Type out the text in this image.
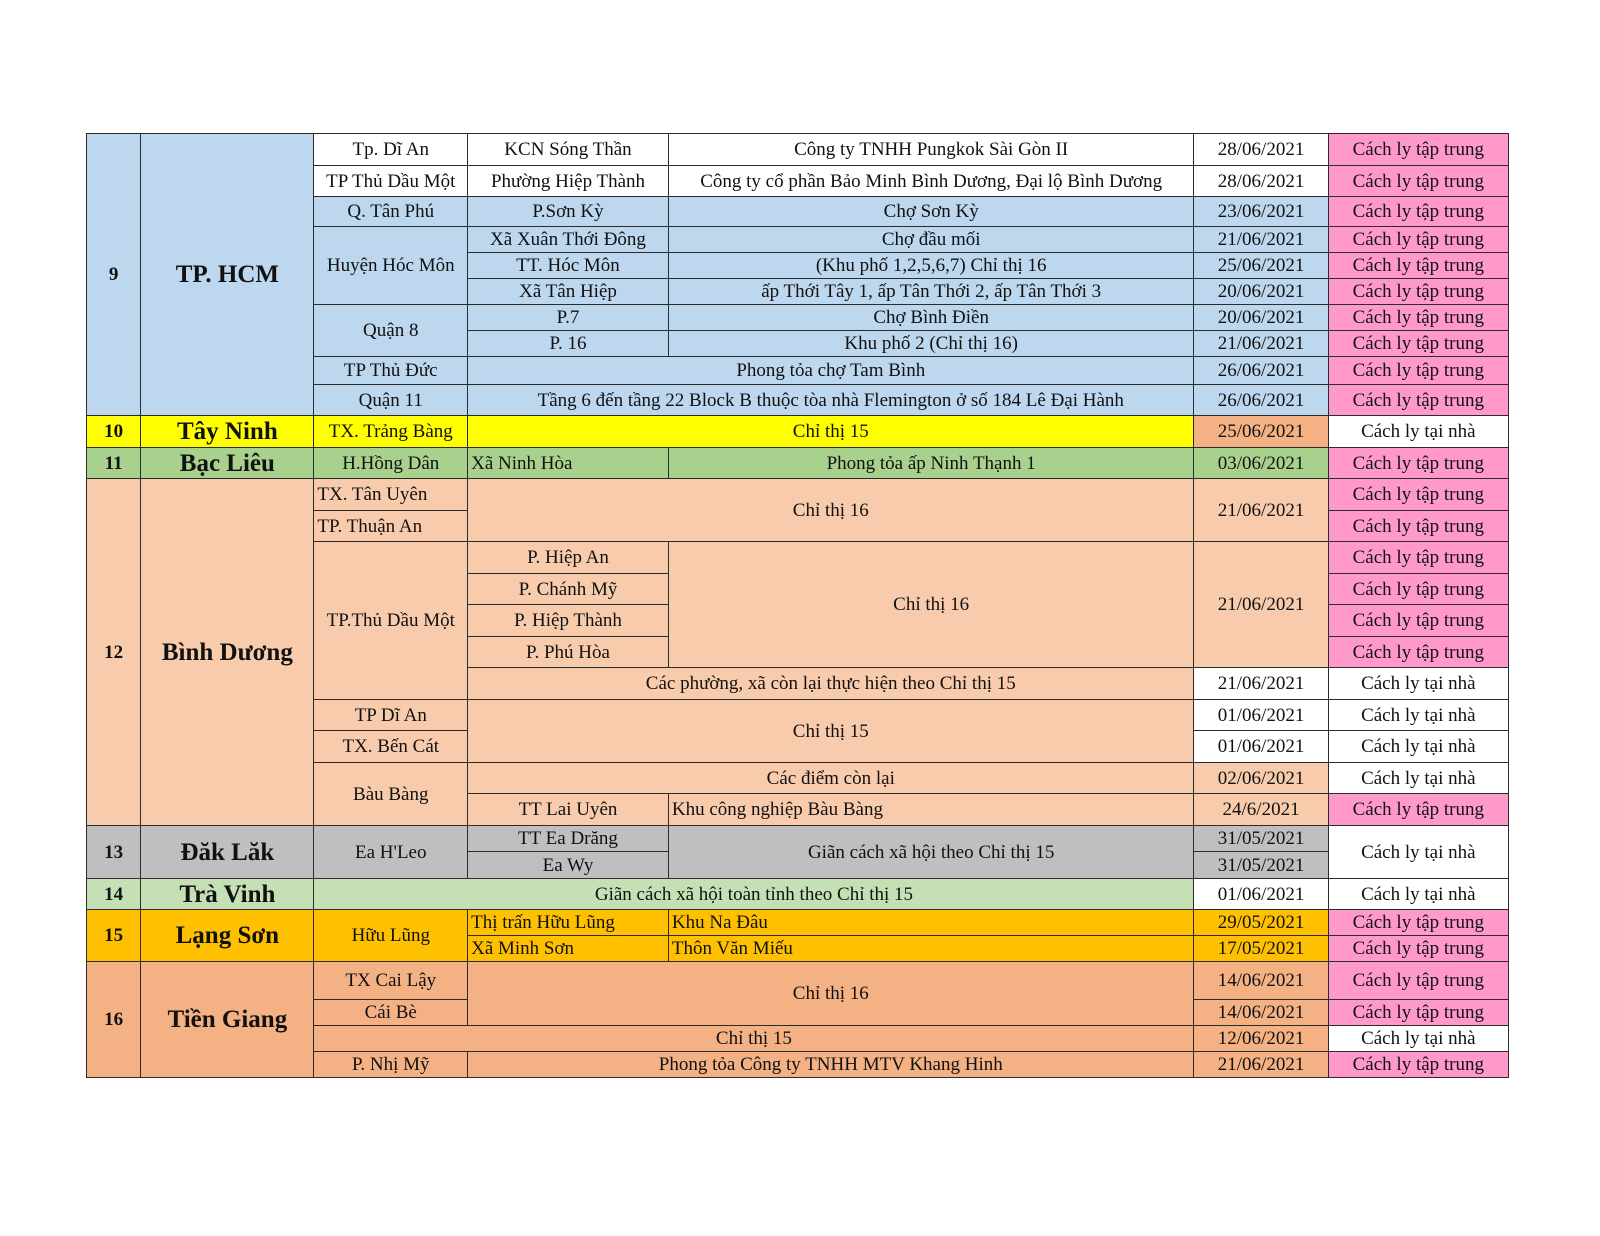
9	TP. HCM	Tp. Dĩ An	KCN Sóng Thần	Công ty TNHH Pungkok Sài Gòn II	28/06/2021	Cách ly tập trung
		TP Thủ Dầu Một	Phường Hiệp Thành	Công ty cổ phần Bảo Minh Bình Dương, Đại lộ Bình Dương	28/06/2021	Cách ly tập trung
		Q. Tân Phú	P.Sơn Kỳ	Chợ Sơn Kỳ	23/06/2021	Cách ly tập trung
		Huyện Hóc Môn	Xã Xuân Thới Đông	Chợ đầu mối	21/06/2021	Cách ly tập trung
			TT. Hóc Môn	(Khu phố 1,2,5,6,7) Chỉ thị 16	25/06/2021	Cách ly tập trung
			Xã Tân Hiệp	ấp Thới Tây 1, ấp Tân Thới 2, ấp Tân Thới 3	20/06/2021	Cách ly tập trung
		Quận 8	P.7	Chợ Bình Điền	20/06/2021	Cách ly tập trung
			P. 16	Khu phố 2 (Chỉ thị 16)	21/06/2021	Cách ly tập trung
		TP Thủ Đức	Phong tỏa chợ Tam Bình		26/06/2021	Cách ly tập trung
		Quận 11	Tầng 6 đến tầng 22 Block B thuộc tòa nhà Flemington ở số 184 Lê Đại Hành		26/06/2021	Cách ly tập trung
10	Tây Ninh	TX. Trảng Bàng	Chỉ thị 15		25/06/2021	Cách ly tại nhà
11	Bạc Liêu	H.Hồng Dân	Xã Ninh Hòa	Phong tỏa ấp Ninh Thạnh 1	03/06/2021	Cách ly tập trung
12	Bình Dương	TX. Tân Uyên	Chỉ thị 16		21/06/2021	Cách ly tập trung
		TP. Thuận An				Cách ly tập trung
		TP.Thủ Dầu Một	P. Hiệp An	Chỉ thị 16	21/06/2021	Cách ly tập trung
			P. Chánh Mỹ			Cách ly tập trung
			P. Hiệp Thành			Cách ly tập trung
			P. Phú Hòa			Cách ly tập trung
			Các phường, xã còn lại thực hiện theo Chỉ thị 15		21/06/2021	Cách ly tại nhà
		TP Dĩ An	Chỉ thị 15		01/06/2021	Cách ly tại nhà
		TX. Bến Cát			01/06/2021	Cách ly tại nhà
		Bàu Bàng	Các điểm còn lại		02/06/2021	Cách ly tại nhà
			TT Lai Uyên	Khu công nghiệp Bàu Bàng	24/6/2021	Cách ly tập trung
13	Đăk Lăk	Ea H'Leo	TT Ea Drăng	Giãn cách xã hội theo Chỉ thị 15	31/05/2021	Cách ly tại nhà
			Ea Wy		31/05/2021	
14	Trà Vinh	Giãn cách xã hội toàn tỉnh theo Chỉ thị 15			01/06/2021	Cách ly tại nhà
15	Lạng Sơn	Hữu Lũng	Thị trấn Hữu Lũng	Khu Na Đâu	29/05/2021	Cách ly tập trung
			Xã Minh Sơn	Thôn Văn Miếu	17/05/2021	Cách ly tập trung
16	Tiền Giang	TX Cai Lậy	Chỉ thị 16		14/06/2021	Cách ly tập trung
		Cái Bè			14/06/2021	Cách ly tập trung
		Chỉ thị 15			12/06/2021	Cách ly tại nhà
		P. Nhị Mỹ	Phong tỏa Công ty TNHH MTV Khang Hinh		21/06/2021	Cách ly tập trung
